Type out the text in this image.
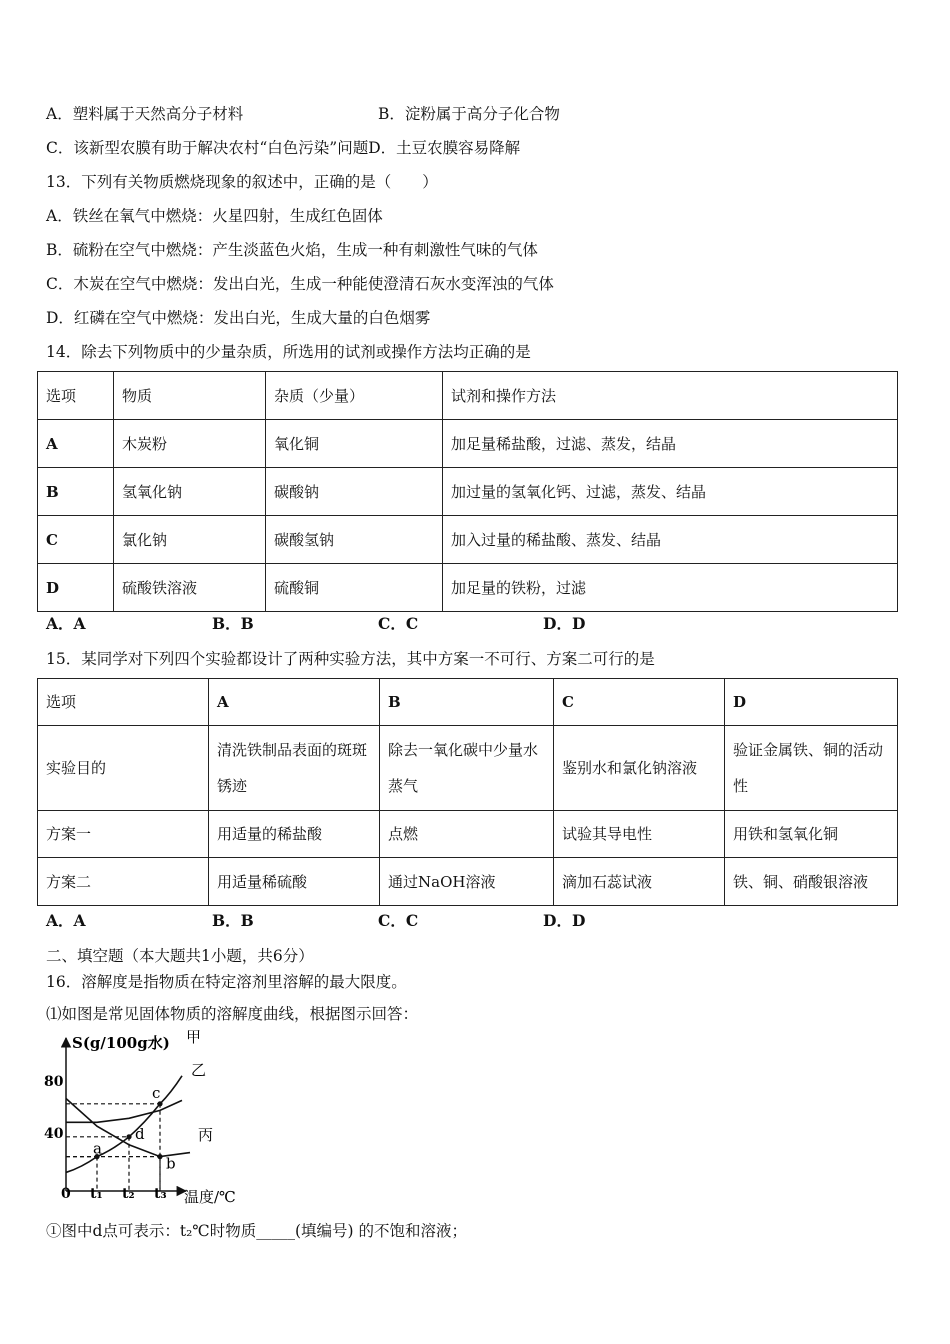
A．塑料属于天然高分子材料	B．淀粉属于高分子化合物
C．该新型农膜有助于解决农村“白色污染”问题D．土豆农膜容易降解
13．下列有关物质燃烧现象的叙述中，正确的是（　　）
A．铁丝在氧气中燃烧：火星四射，生成红色固体
B．硫粉在空气中燃烧：产生淡蓝色火焰，生成一种有刺激性气味的气体
C．木炭在空气中燃烧：发出白光，生成一种能使澄清石灰水变浑浊的气体
D．红磷在空气中燃烧：发出白光，生成大量的白色烟雾
14．除去下列物质中的少量杂质，所选用的试剂或操作方法均正确的是
选项	物质	杂质（少量）	试剂和操作方法
A	木炭粉	氧化铜	加足量稀盐酸，过滤、蒸发，结晶
B	氢氧化钠	碳酸钠	加过量的氢氧化钙、过滤，蒸发、结晶
C	氯化钠	碳酸氢钠	加入过量的稀盐酸、蒸发、结晶
D	硫酸铁溶液	硫酸铜	加足量的铁粉，过滤
A．A	B．B	C．C	D．D
15．某同学对下列四个实验都设计了两种实验方法，其中方案一不可行、方案二可行的是
选项	A	B	C	D
实验目的	清洗铁制品表面的斑斑锈迹	除去一氧化碳中少量水蒸气	鉴别水和氯化钠溶液	验证金属铁、铜的活动性
方案一	用适量的稀盐酸	点燃	试验其导电性	用铁和氢氧化铜
方案二	用适量稀硫酸	通过NaOH溶液	滴加石蕊试液	铁、铜、硝酸银溶液
A．A	B．B	C．C	D．D
二、填空题（本大题共1小题，共6分）
16．溶解度是指物质在特定溶剂里溶解的最大限度。
⑴如图是常见固体物质的溶解度曲线，根据图示回答：
S(g/100g水)
80
40
0 t₁ t₂ t₃ 温度/℃
甲
乙
丙
a
d
c
b
①图中d点可表示：t₂℃时物质_____(填编号) 的不饱和溶液；
